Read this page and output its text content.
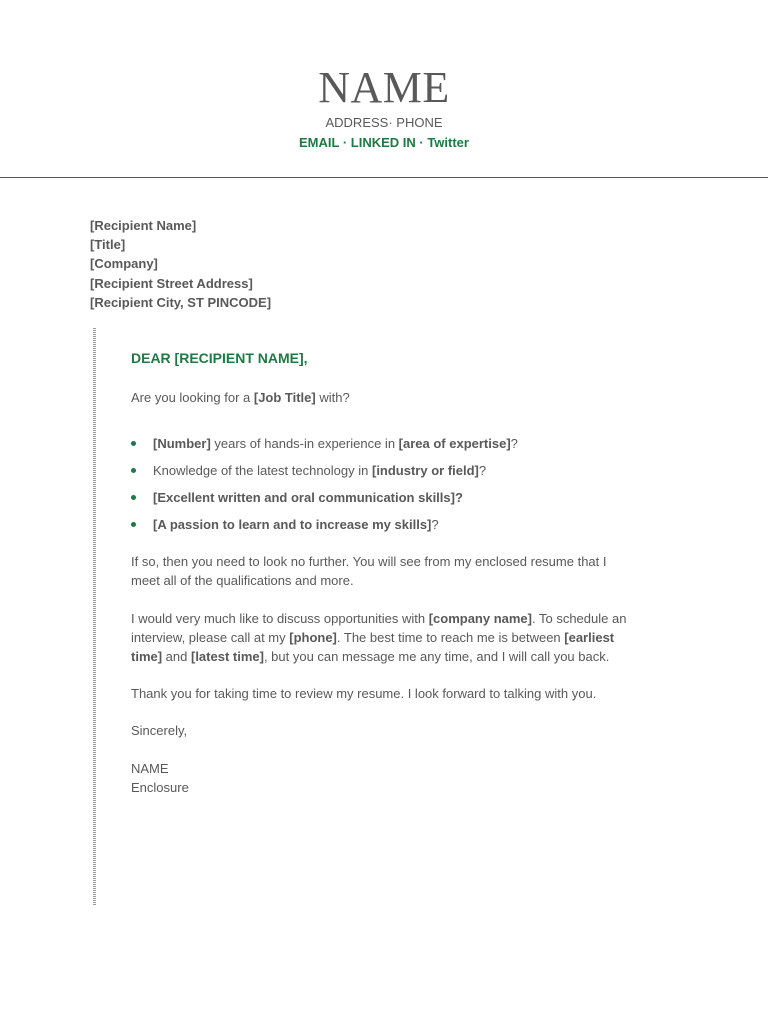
NAME
ADDRESS· PHONE
EMAIL · LINKED IN · Twitter
[Recipient Name]
[Title]
[Company]
[Recipient Street Address]
[Recipient City, ST PINCODE]
DEAR [RECIPIENT NAME],

Are you looking for a [Job Title] with?

[Number] years of hands-in experience in [area of expertise]?
Knowledge of the latest technology in [industry or field]?
[Excellent written and oral communication skills]?
[A passion to learn and to increase my skills]?

If so, then you need to look no further. You will see from my enclosed resume that I
meet all of the qualifications and more.

I would very much like to discuss opportunities with [company name]. To schedule an
interview, please call at my [phone]. The best time to reach me is between [earliest
time] and [latest time], but you can message me any time, and I will call you back.

Thank you for taking time to review my resume. I look forward to talking with you.

Sincerely,

NAME
Enclosure
